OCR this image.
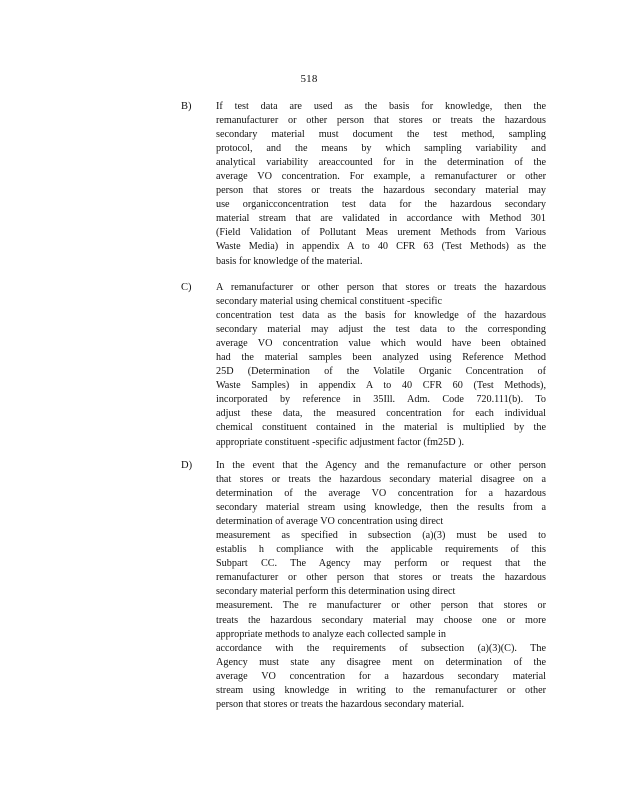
518
B) If test data are used as the basis for knowledge, then the
remanufacturer or other person that stores or treats the hazardous
secondary material must document the test method, sampling
protocol, and the means by which sampling variability and
analytical variability areaccounted for in the determination of the
average VO concentration. For example, a remanufacturer or other
person that stores or treats the hazardous secondary material may
use organicconcentration test data for the hazardous secondary
material stream that are validated in accordance with Method 301
(Field Validation of Pollutant Meas urement Methods from Various
Waste Media) in appendix A to 40 CFR 63 (Test Methods) as the
basis for knowledge of the material.
C) A remanufacturer or other person that stores or treats the hazardous
secondary material using chemical constituent -specific
concentration test data as the basis for knowledge of the hazardous
secondary material may adjust the test data to the corresponding
average VO concentration value which would have been obtained
had the material samples been analyzed using Reference Method
25D (Determination of the Volatile Organic Concentration of
Waste Samples) in appendix A to 40 CFR 60 (Test Methods),
incorporated by reference in 35Ill. Adm. Code 720.111(b). To
adjust these data, the measured concentration for each individual
chemical constituent contained in the material is multiplied by the
appropriate constituent -specific adjustment factor (fm25D ).
D) In the event that the Agency and the remanufacture or other person
that stores or treats the hazardous secondary material disagree on a
determination of the average VO concentration for a hazardous
secondary material stream using knowledge, then the results from a
determination of average VO concentration using direct
measurement as specified in subsection (a)(3) must be used to
establis h compliance with the applicable requirements of this
Subpart CC. The Agency may perform or request that the
remanufacturer or other person that stores or treats the hazardous
secondary material perform this determination using direct
measurement. The re manufacturer or other person that stores or
treats the hazardous secondary material may choose one or more
appropriate methods to analyze each collected sample in
accordance with the requirements of subsection (a)(3)(C). The
Agency must state any disagree ment on determination of the
average VO concentration for a hazardous secondary material
stream using knowledge in writing to the remanufacturer or other
person that stores or treats the hazardous secondary material.
